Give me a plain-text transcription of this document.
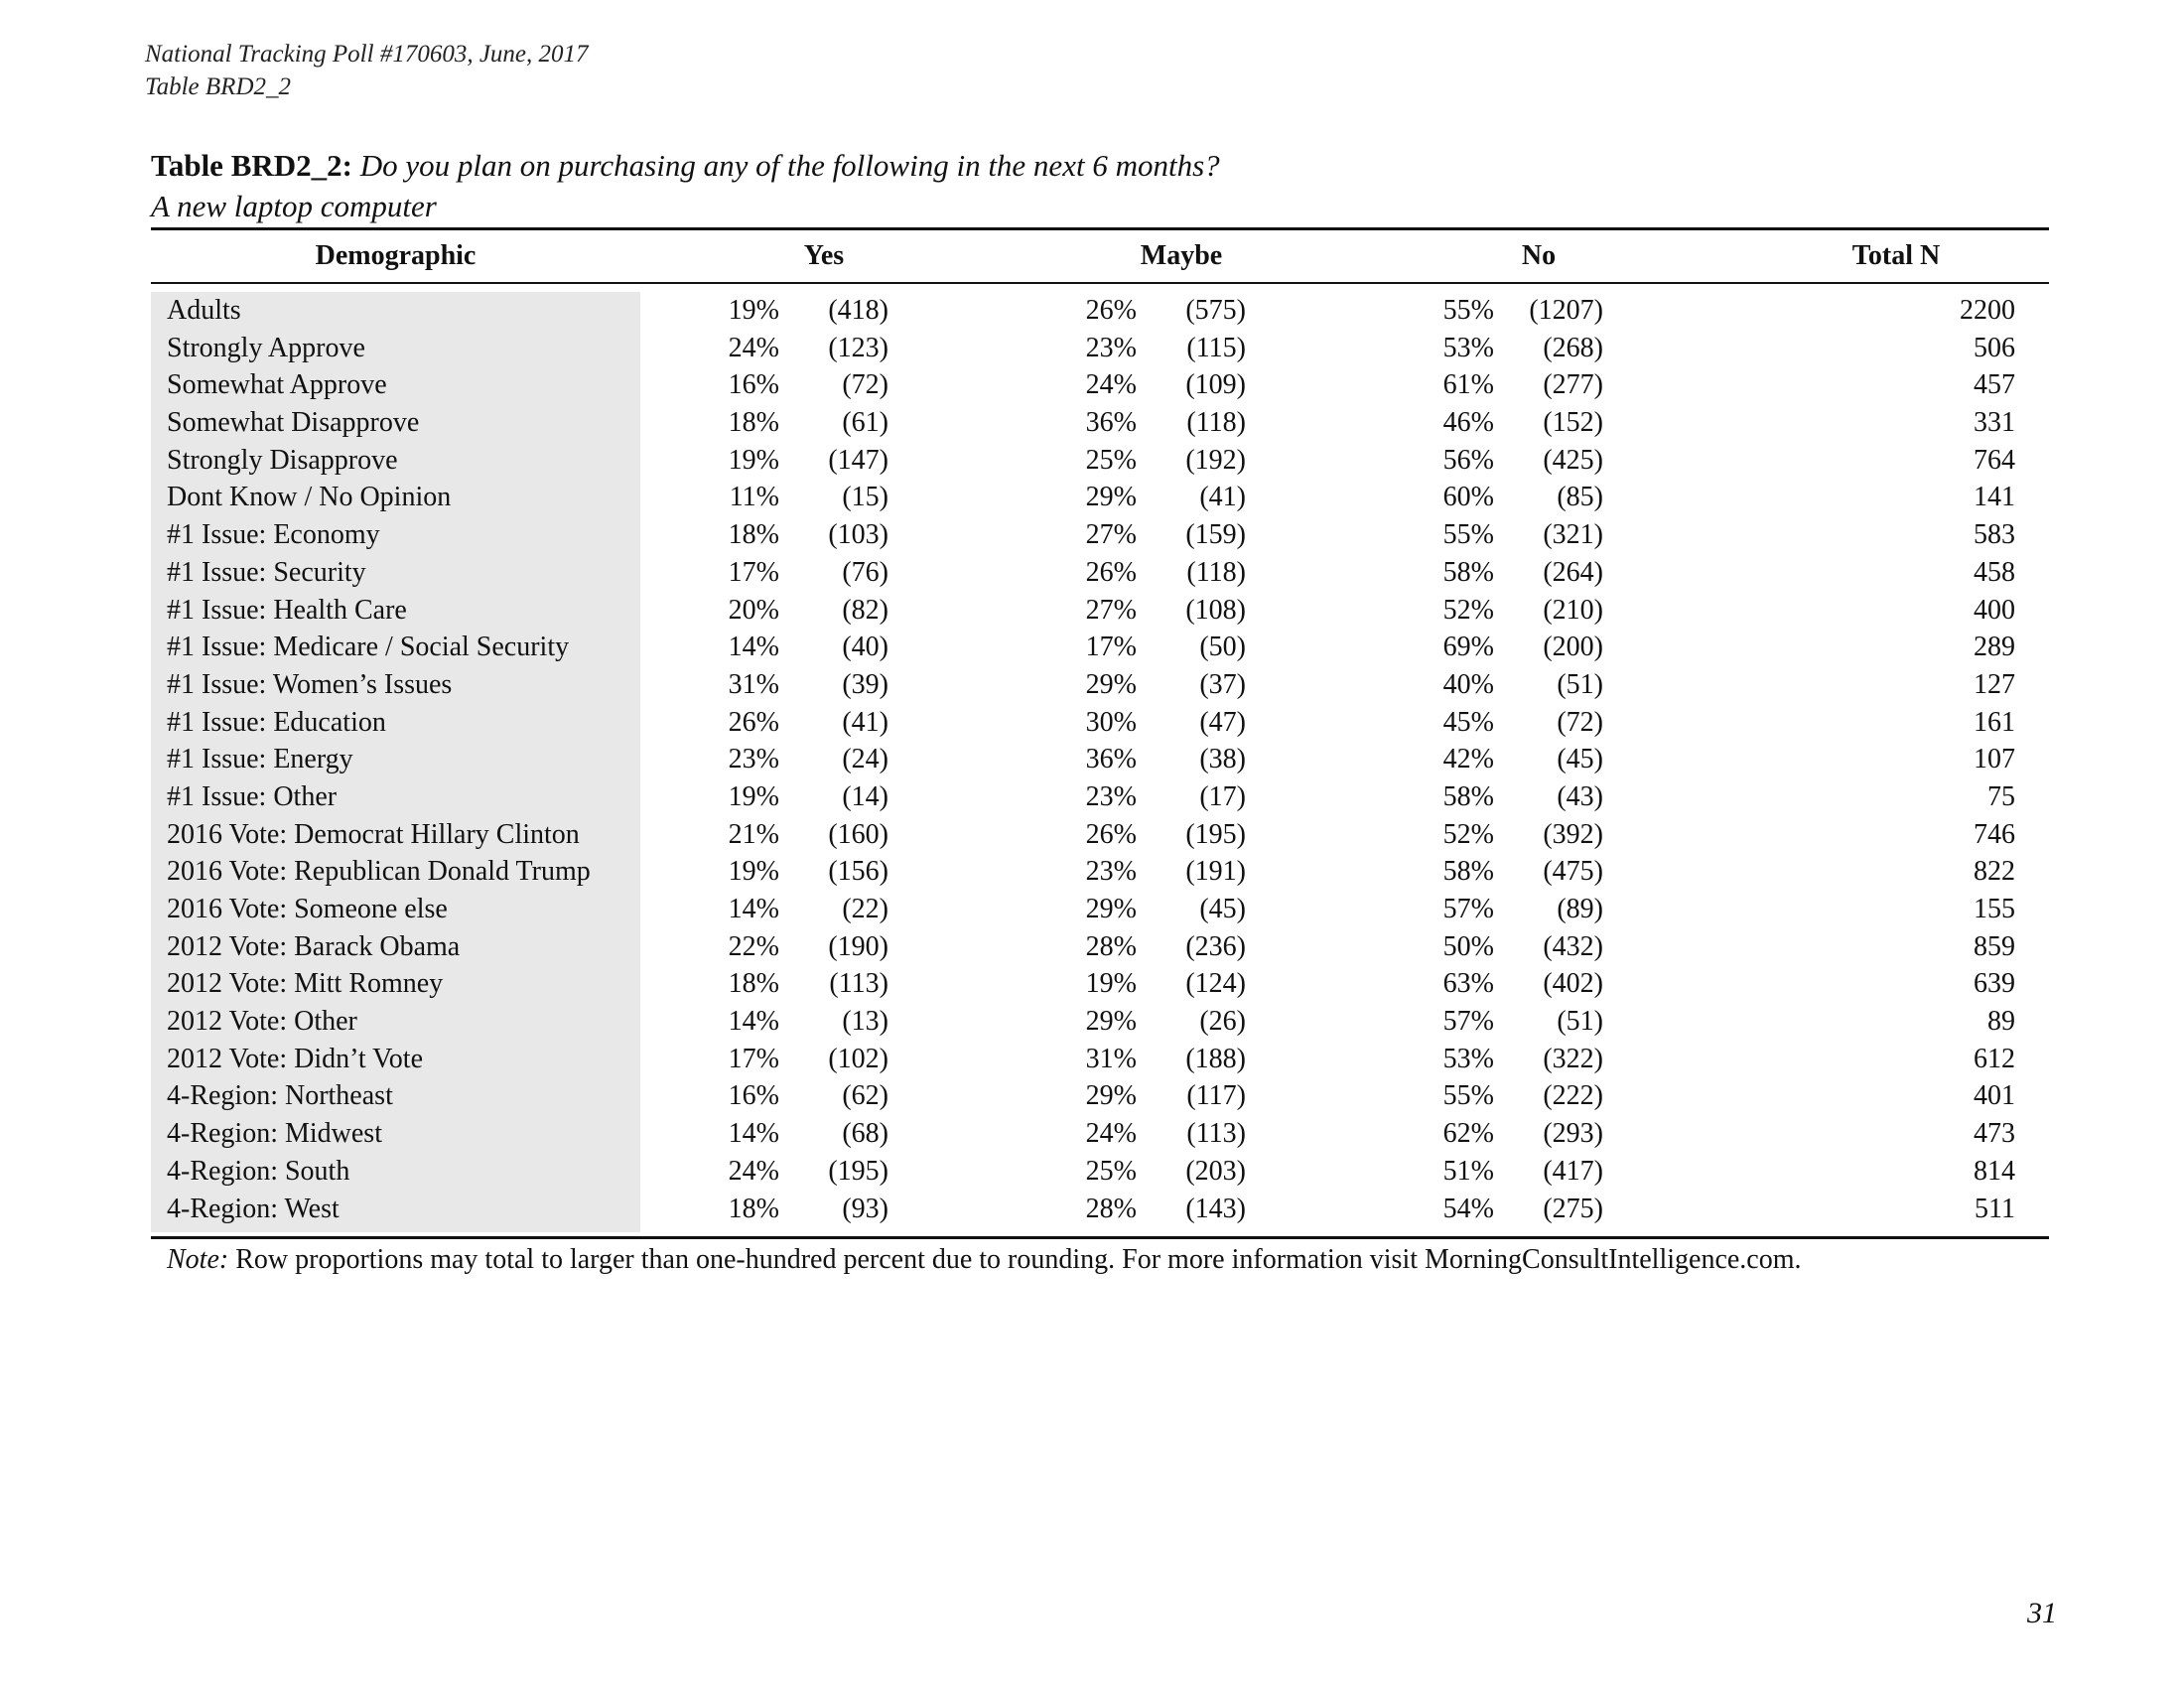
National Tracking Poll #170603, June, 2017
Table BRD2_2
Table BRD2_2: Do you plan on purchasing any of the following in the next 6 months?
A new laptop computer
Demographic	Yes	Maybe	No	Total N
Adults	19%	(418)	26%	(575)	55%	(1207)	2200
Strongly Approve	24%	(123)	23%	(115)	53%	(268)	506
Somewhat Approve	16%	(72)	24%	(109)	61%	(277)	457
Somewhat Disapprove	18%	(61)	36%	(118)	46%	(152)	331
Strongly Disapprove	19%	(147)	25%	(192)	56%	(425)	764
Dont Know / No Opinion	11%	(15)	29%	(41)	60%	(85)	141
#1 Issue: Economy	18%	(103)	27%	(159)	55%	(321)	583
#1 Issue: Security	17%	(76)	26%	(118)	58%	(264)	458
#1 Issue: Health Care	20%	(82)	27%	(108)	52%	(210)	400
#1 Issue: Medicare / Social Security	14%	(40)	17%	(50)	69%	(200)	289
#1 Issue: Women’s Issues	31%	(39)	29%	(37)	40%	(51)	127
#1 Issue: Education	26%	(41)	30%	(47)	45%	(72)	161
#1 Issue: Energy	23%	(24)	36%	(38)	42%	(45)	107
#1 Issue: Other	19%	(14)	23%	(17)	58%	(43)	75
2016 Vote: Democrat Hillary Clinton	21%	(160)	26%	(195)	52%	(392)	746
2016 Vote: Republican Donald Trump	19%	(156)	23%	(191)	58%	(475)	822
2016 Vote: Someone else	14%	(22)	29%	(45)	57%	(89)	155
2012 Vote: Barack Obama	22%	(190)	28%	(236)	50%	(432)	859
2012 Vote: Mitt Romney	18%	(113)	19%	(124)	63%	(402)	639
2012 Vote: Other	14%	(13)	29%	(26)	57%	(51)	89
2012 Vote: Didn’t Vote	17%	(102)	31%	(188)	53%	(322)	612
4-Region: Northeast	16%	(62)	29%	(117)	55%	(222)	401
4-Region: Midwest	14%	(68)	24%	(113)	62%	(293)	473
4-Region: South	24%	(195)	25%	(203)	51%	(417)	814
4-Region: West	18%	(93)	28%	(143)	54%	(275)	511
Note: Row proportions may total to larger than one-hundred percent due to rounding. For more information visit MorningConsultIntelligence.com.
31
